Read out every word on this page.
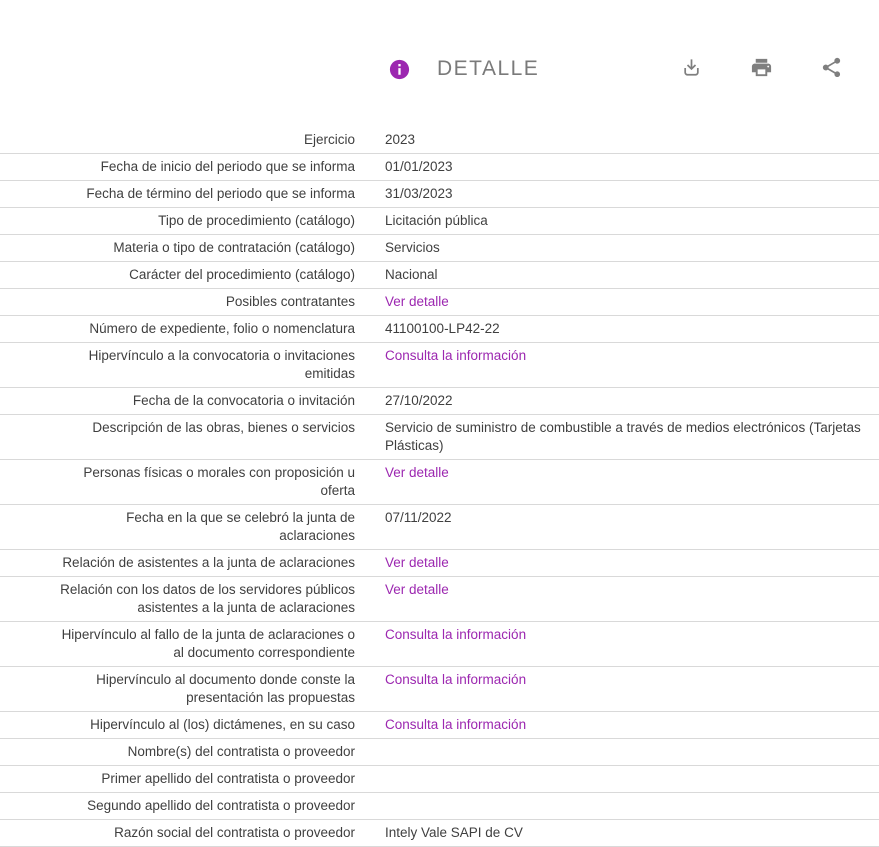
DETALLE
Ejercicio 2023
Fecha de inicio del periodo que se informa 01/01/2023
Fecha de término del periodo que se informa 31/03/2023
Tipo de procedimiento (catálogo) Licitación pública
Materia o tipo de contratación (catálogo) Servicios
Carácter del procedimiento (catálogo) Nacional
Posibles contratantes Ver detalle
Número de expediente, folio o nomenclatura 41100100-LP42-22
Hipervínculo a la convocatoria o invitaciones emitidas
Consulta la información
Fecha de la convocatoria o invitación 27/10/2022
Descripción de las obras, bienes o servicios Servicio de suministro de combustible a través de medios electrónicos (Tarjetas Plásticas)
Personas físicas o morales con proposición u oferta
Ver detalle
Fecha en la que se celebró la junta de aclaraciones
07/11/2022
Relación de asistentes a la junta de aclaraciones Ver detalle
Relación con los datos de los servidores públicos asistentes a la junta de aclaraciones
Ver detalle
Hipervínculo al fallo de la junta de aclaraciones o al documento correspondiente
Consulta la información
Hipervínculo al documento donde conste la presentación las propuestas
Consulta la información
Hipervínculo al (los) dictámenes, en su caso Consulta la información
Nombre(s) del contratista o proveedor
Primer apellido del contratista o proveedor
Segundo apellido del contratista o proveedor
Razón social del contratista o proveedor Intely Vale SAPI de CV
